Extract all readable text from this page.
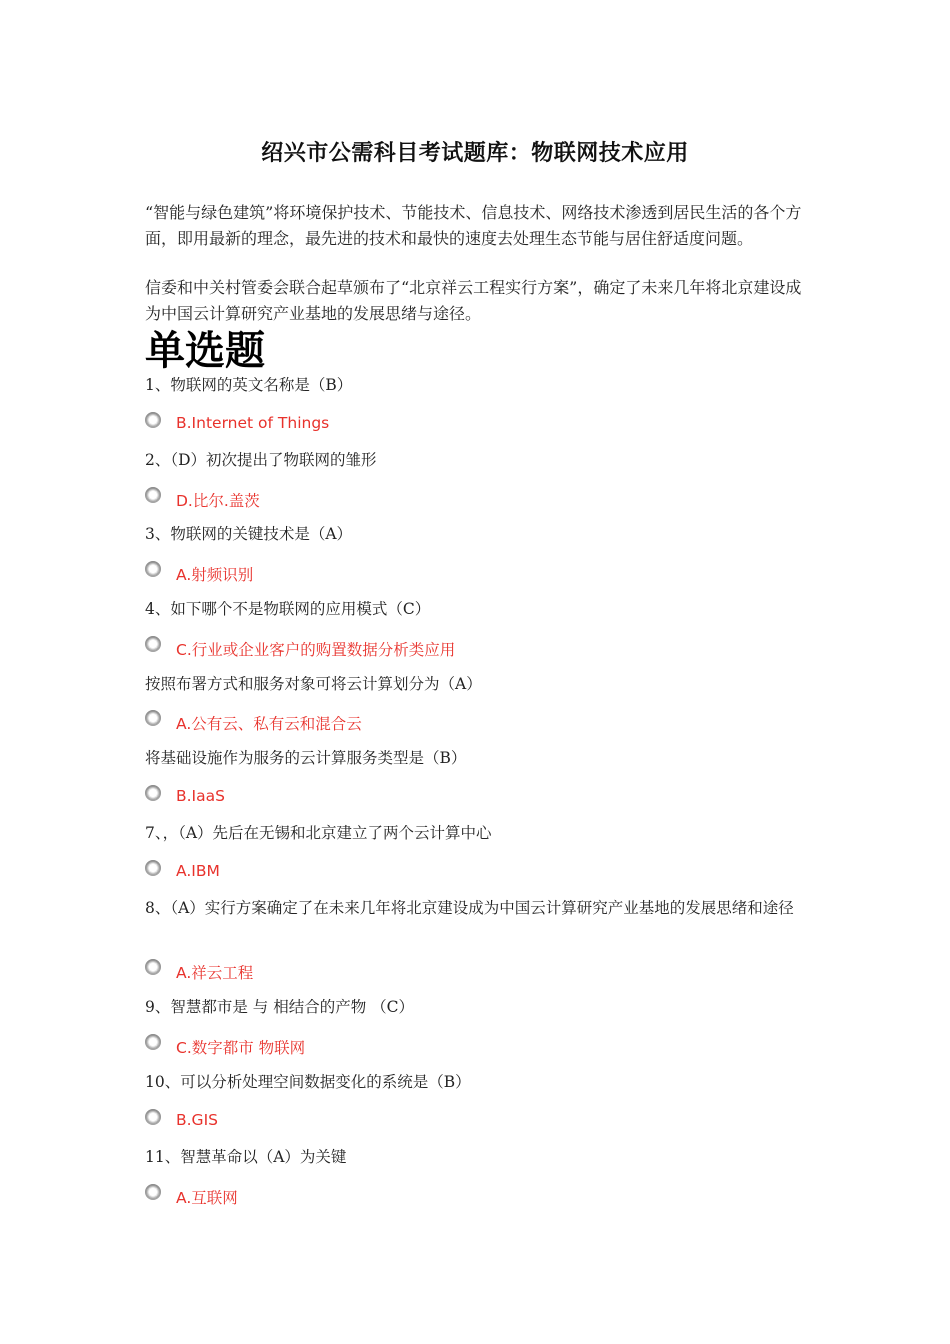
绍兴市公需科目考试题库：物联网技术应用
“智能与绿色建筑”将环境保护技术、节能技术、信息技术、网络技术渗透到居民生活的各个方面，即用最新的理念，最先进的技术和最快的速度去处理生态节能与居住舒适度问题。
信委和中关村管委会联合起草颁布了“北京祥云工程实行方案”，确定了未来几年将北京建设成为中国云计算研究产业基地的发展思绪与途径。
单选题
1、物联网的英文名称是（B）
B.Internet of Things
2、（D）初次提出了物联网的雏形
D.比尔.盖茨
3、物联网的关键技术是（A）
A.射频识别
4、如下哪个不是物联网的应用模式（C）
C.行业或企业客户的购置数据分析类应用
按照布署方式和服务对象可将云计算划分为（A）
A.公有云、私有云和混合云
将基础设施作为服务的云计算服务类型是（B）
B.IaaS
7、，（A）先后在无锡和北京建立了两个云计算中心
A.IBM
8、（A）实行方案确定了在未来几年将北京建设成为中国云计算研究产业基地的发展思绪和途径
A.祥云工程
9、智慧都市是 与 相结合的产物 （C）
C.数字都市 物联网
10、可以分析处理空间数据变化的系统是（B）
B.GIS
11、智慧革命以（A）为关键
A.互联网
